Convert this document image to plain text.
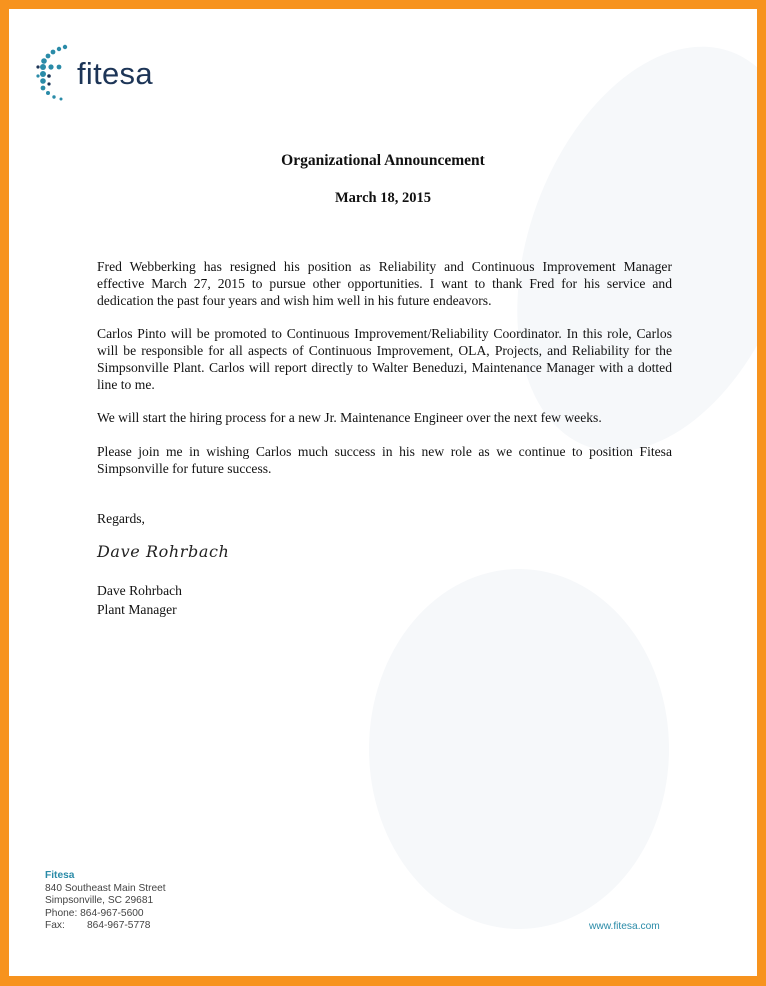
fitesa
Organizational Announcement
March 18, 2015

Fred Webberking has resigned his position as Reliability and Continuous Improvement Manager effective March 27, 2015 to pursue other opportunities. I want to thank Fred for his service and dedication the past four years and wish him well in his future endeavors.

Carlos Pinto will be promoted to Continuous Improvement/Reliability Coordinator. In this role, Carlos will be responsible for all aspects of Continuous Improvement, OLA, Projects, and Reliability for the Simpsonville Plant. Carlos will report directly to Walter Beneduzi, Maintenance Manager with a dotted line to me.

We will start the hiring process for a new Jr. Maintenance Engineer over the next few weeks.

Please join me in wishing Carlos much success in his new role as we continue to position Fitesa Simpsonville for future success.

Regards,
Dave Rohrbach
Dave Rohrbach
Plant Manager
Fitesa
840 Southeast Main Street
Simpsonville, SC 29681
Phone: 864-967-5600
Fax: 864-967-5778	www.fitesa.com
